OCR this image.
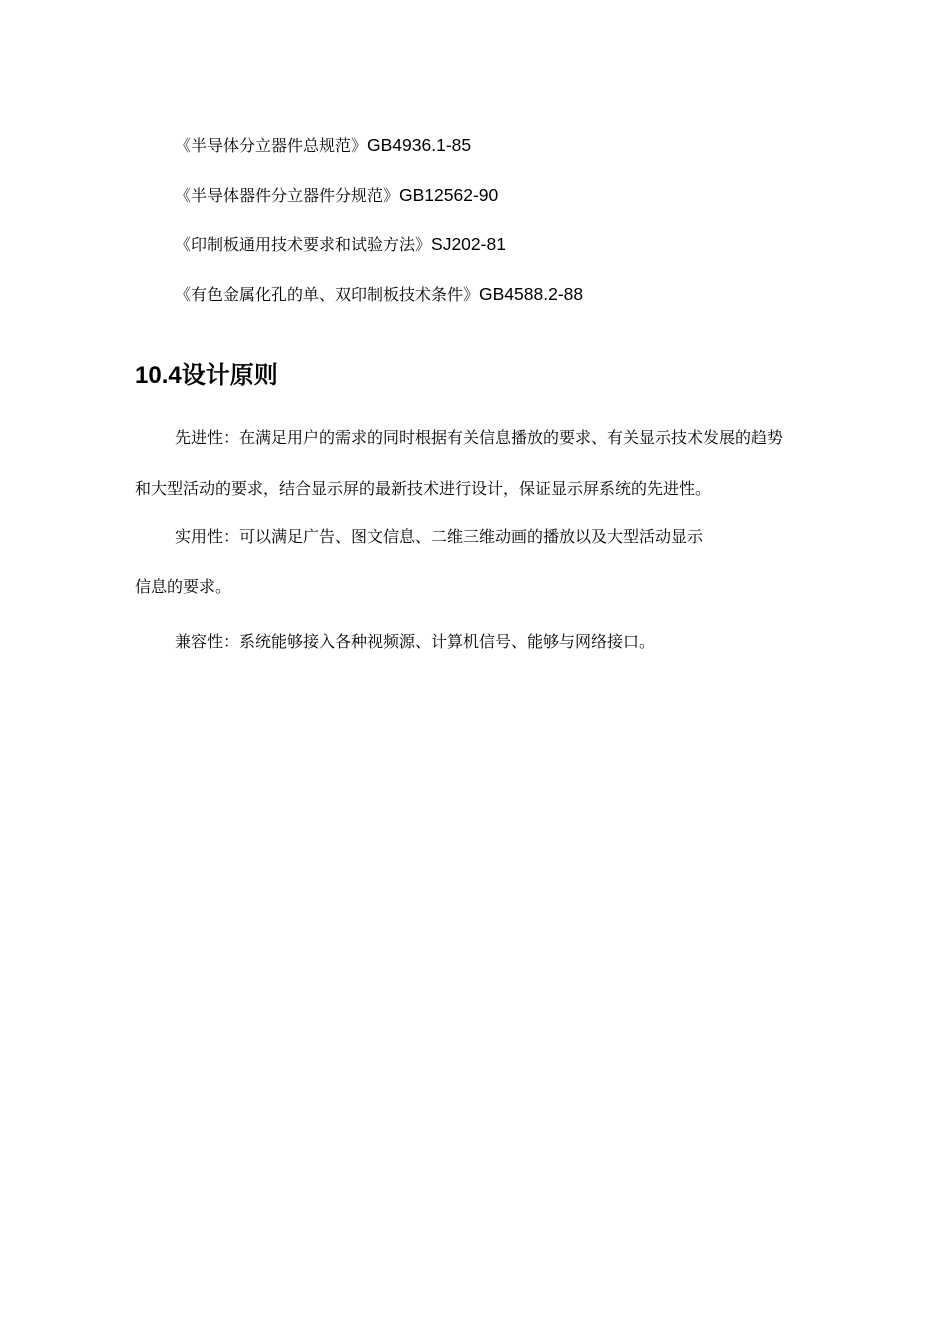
《半导体分立器件总规范》GB4936.1-85
《半导体器件分立器件分规范》GB12562-90
《印制板通用技术要求和试验方法》SJ202-81
《有色金属化孔的单、双印制板技术条件》GB4588.2-88
10.4设计原则
先进性：在满足用户的需求的同时根据有关信息播放的要求、有关显示技术发展的趋势
和大型活动的要求，结合显示屏的最新技术进行设计，保证显示屏系统的先进性。
实用性：可以满足广告、图文信息、二维三维动画的播放以及大型活动显示
信息的要求。
兼容性：系统能够接入各种视频源、计算机信号、能够与网络接口。
